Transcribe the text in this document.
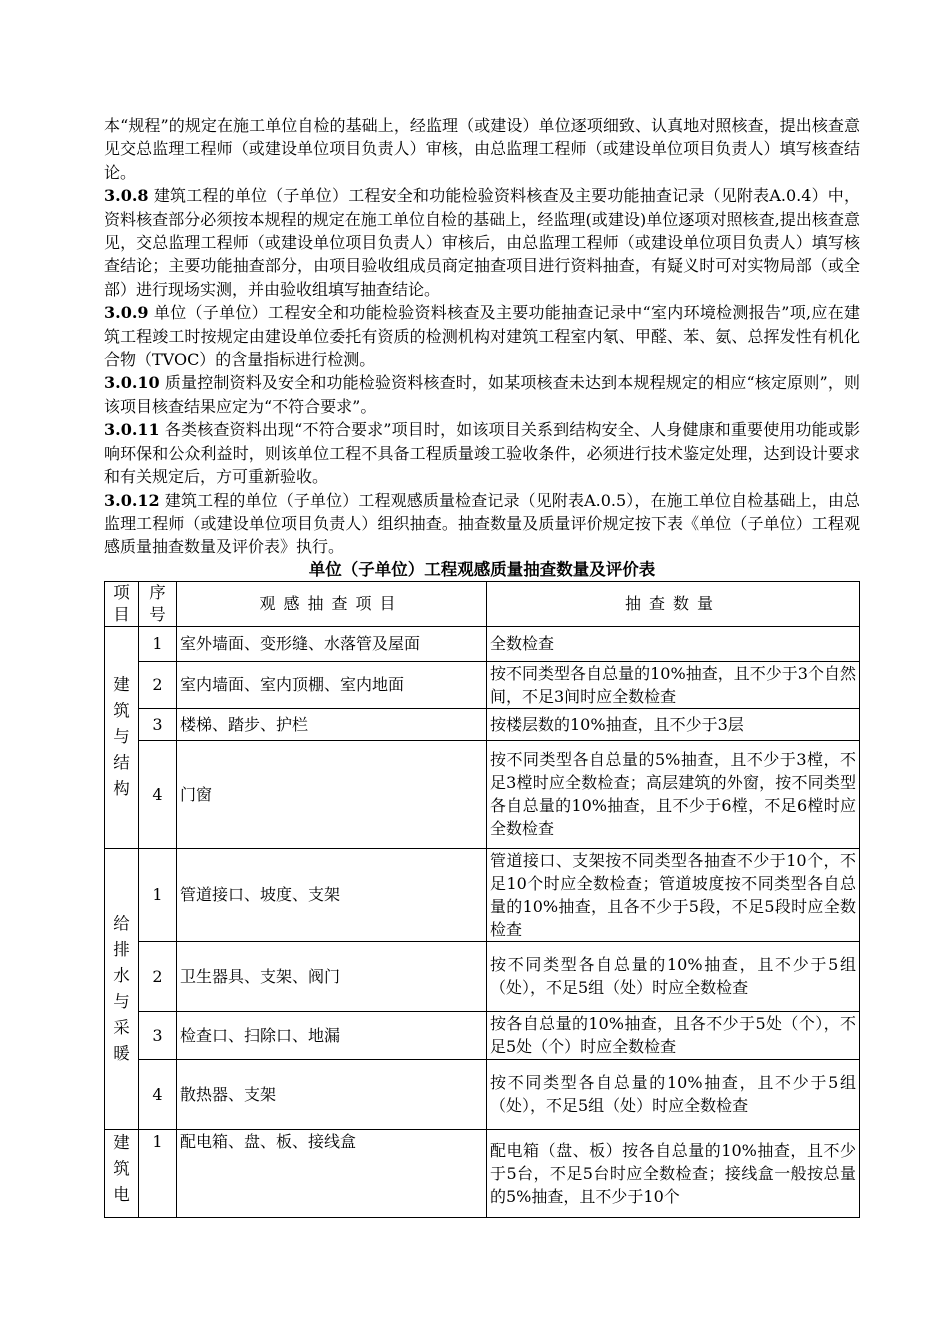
本“规程”的规定在施工单位自检的基础上，经监理（或建设）单位逐项细致、认真地对照核查，提出核查意见交总监理工程师（或建设单位项目负责人）审核，由总监理工程师（或建设单位项目负责人）填写核查结论。

3.0.8 建筑工程的单位（子单位）工程安全和功能检验资料核查及主要功能抽查记录（见附表A.0.4）中，资料核查部分必须按本规程的规定在施工单位自检的基础上，经监理(或建设)单位逐项对照核查,提出核查意见，交总监理工程师（或建设单位项目负责人）审核后，由总监理工程师（或建设单位项目负责人）填写核查结论；主要功能抽查部分，由项目验收组成员商定抽查项目进行资料抽查，有疑义时可对实物局部（或全部）进行现场实测，并由验收组填写抽查结论。

3.0.9 单位（子单位）工程安全和功能检验资料核查及主要功能抽查记录中“室内环境检测报告”项,应在建筑工程竣工时按规定由建设单位委托有资质的检测机构对建筑工程室内氡、甲醛、苯、氨、总挥发性有机化合物（TVOC）的含量指标进行检测。

3.0.10 质量控制资料及安全和功能检验资料核查时，如某项核查未达到本规程规定的相应“核定原则”，则该项目核查结果应定为“不符合要求”。

3.0.11 各类核查资料出现“不符合要求”项目时，如该项目关系到结构安全、人身健康和重要使用功能或影响环保和公众利益时，则该单位工程不具备工程质量竣工验收条件，必须进行技术鉴定处理，达到设计要求和有关规定后，方可重新验收。

3.0.12 建筑工程的单位（子单位）工程观感质量检查记录（见附表A.0.5），在施工单位自检基础上，由总监理工程师（或建设单位项目负责人）组织抽查。抽查数量及质量评价规定按下表《单位（子单位）工程观感质量抽查数量及评价表》执行。

单位（子单位）工程观感质量抽查数量及评价表

项目	序号	观感抽查项目	抽查数量
建筑与结构	1	室外墙面、变形缝、水落管及屋面	全数检查
	2	室内墙面、室内顶棚、室内地面	按不同类型各自总量的10%抽查，且不少于3个自然间，不足3间时应全数检查
	3	楼梯、踏步、护栏	按楼层数的10%抽查，且不少于3层
	4	门窗	按不同类型各自总量的5%抽查，且不少于3樘，不足3樘时应全数检查；高层建筑的外窗，按不同类型各自总量的10%抽查，且不少于6樘，不足6樘时应全数检查
给排水与采暖	1	管道接口、坡度、支架	管道接口、支架按不同类型各抽查不少于10个，不足10个时应全数检查；管道坡度按不同类型各自总量的10%抽查，且各不少于5段，不足5段时应全数检查
	2	卫生器具、支架、阀门	按不同类型各自总量的10%抽查，且不少于5组（处），不足5组（处）时应全数检查
	3	检查口、扫除口、地漏	按各自总量的10%抽查，且各不少于5处（个），不足5处（个）时应全数检查
	4	散热器、支架	按不同类型各自总量的10%抽查，且不少于5组（处），不足5组（处）时应全数检查
建筑电	1	配电箱、盘、板、接线盒	配电箱（盘、板）按各自总量的10%抽查，且不少于5台，不足5台时应全数检查；接线盒一般按总量的5%抽查，且不少于10个
